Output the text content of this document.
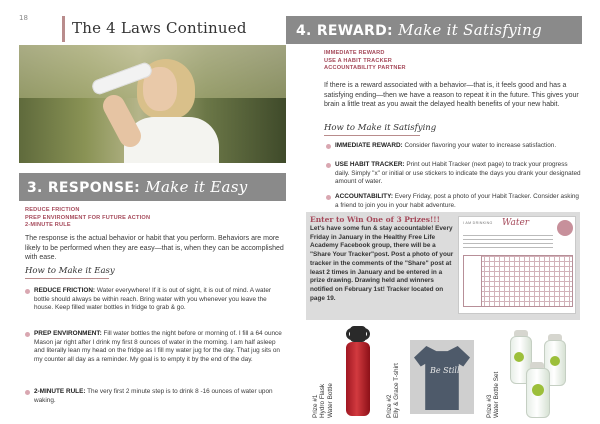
18
The 4 Laws Continued	4. REWARD: Make it Satisfying
IMMEDIATE REWARD
USE A HABIT TRACKER
ACCOUNTABILITY PARTNER
If there is a reward associated with a behavior—that is, it feels good and has a satisfying ending—then we have a reason to repeat it in the future. This gives your brain a little treat as you await the delayed health benefits of your new habit.
How to Make it Satisfying
IMMEDIATE REWARD: Consider flavoring your water to increase satisfaction.
USE HABIT TRACKER: Print out Habit Tracker (next page) to track your progress daily. Simply "x" or initial or use stickers to indicate the days you drank your designated amount of water.
ACCOUNTABILITY: Every Friday, post a photo of your Habit Tracker. Consider asking a friend to join you in your habit adventure.
3. RESPONSE: Make it Easy
REDUCE FRICTION
PREP ENVIRONMENT FOR FUTURE ACTION
2-MINUTE RULE
The response is the actual behavior or habit that you perform. Behaviors are more likely to be performed when they are easy—that is, when they can be accomplished with ease.
How to Make it Easy
REDUCE FRICTION: Water everywhere! If it is out of sight, it is out of mind. A water bottle should always be within reach. Bring water with you whenever you leave the house. Keep filled water bottles in fridge to grab & go.
PREP ENVIRONMENT: Fill water bottles the night before or morning of. I fill a 64 ounce Mason jar right after I drink my first 8 ounces of water in the morning. I am half asleep and literally lean my head on the fridge as I fill my water jug for the day. That jug sits on my counter all day as a reminder. My goal is to empty it by the end of the day.
2-MINUTE RULE: The very first 2 minute step is to drink 8 -16 ounces of water upon waking.
Enter to Win One of 3 Prizes!!!
Let's have some fun & stay accountable! Every Friday in January in the Healthy Free Life Academy Facebook group, there will be a "Share Your Tracker"post. Post a photo of your tracker in the comments of the "Share" post at least 2 times in January and be entered in a prize drawing. Drawing held and winners notified on February 1st! Tracker located on page 19.
I AM DRINKING Water
Prize #1 Hydro Flask Water Bottle	Prize #2 Elly & Grace T-shirt	Be Still
Prize #3 Water Bottle Set
